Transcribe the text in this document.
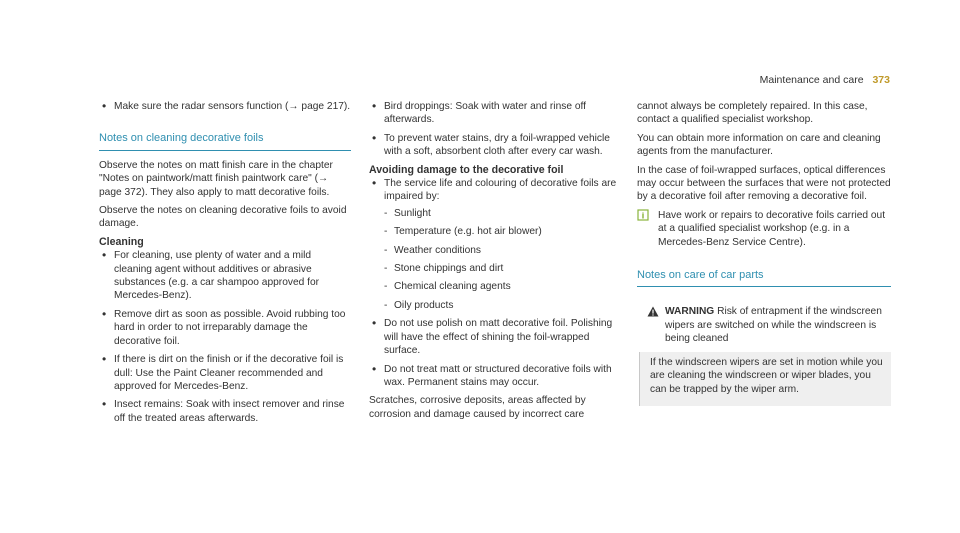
Maintenance and care 373
• Make sure the radar sensors function (→ page 217).
Notes on cleaning decorative foils

Observe the notes on matt finish care in the chapter "Notes on paintwork/matt finish paintwork care" (→ page 372). They also apply to matt decorative foils.

Observe the notes on cleaning decorative foils to avoid damage.

Cleaning
• For cleaning, use plenty of water and a mild cleaning agent without additives or abrasive substances (e.g. a car shampoo approved for Mercedes-Benz).
• Remove dirt as soon as possible. Avoid rubbing too hard in order to not irreparably damage the decorative foil.
• If there is dirt on the finish or if the decorative foil is dull: Use the Paint Cleaner recommended and approved for Mercedes-Benz.
• Insect remains: Soak with insect remover and rinse off the treated areas afterwards.
• Bird droppings: Soak with water and rinse off afterwards.
• To prevent water stains, dry a foil-wrapped vehicle with a soft, absorbent cloth after every car wash.
Avoiding damage to the decorative foil
• The service life and colouring of decorative foils are impaired by:
- Sunlight
- Temperature (e.g. hot air blower)
- Weather conditions
- Stone chippings and dirt
- Chemical cleaning agents
- Oily products
• Do not use polish on matt decorative foil. Polishing will have the effect of shining the foil-wrapped surface.
• Do not treat matt or structured decorative foils with wax. Permanent stains may occur.

Scratches, corrosive deposits, areas affected by corrosion and damage caused by incorrect care

cannot always be completely repaired. In this case, contact a qualified specialist workshop.

You can obtain more information on care and cleaning agents from the manufacturer.

In the case of foil-wrapped surfaces, optical differences may occur between the surfaces that were not protected by a decorative foil after removing a decorative foil.

i Have work or repairs to decorative foils carried out at a qualified specialist workshop (e.g. in a Mercedes-Benz Service Centre).
Notes on care of car parts
WARNING Risk of entrapment if the windscreen wipers are switched on while the windscreen is being cleaned
If the windscreen wipers are set in motion while you are cleaning the windscreen or wiper blades, you can be trapped by the wiper arm.
